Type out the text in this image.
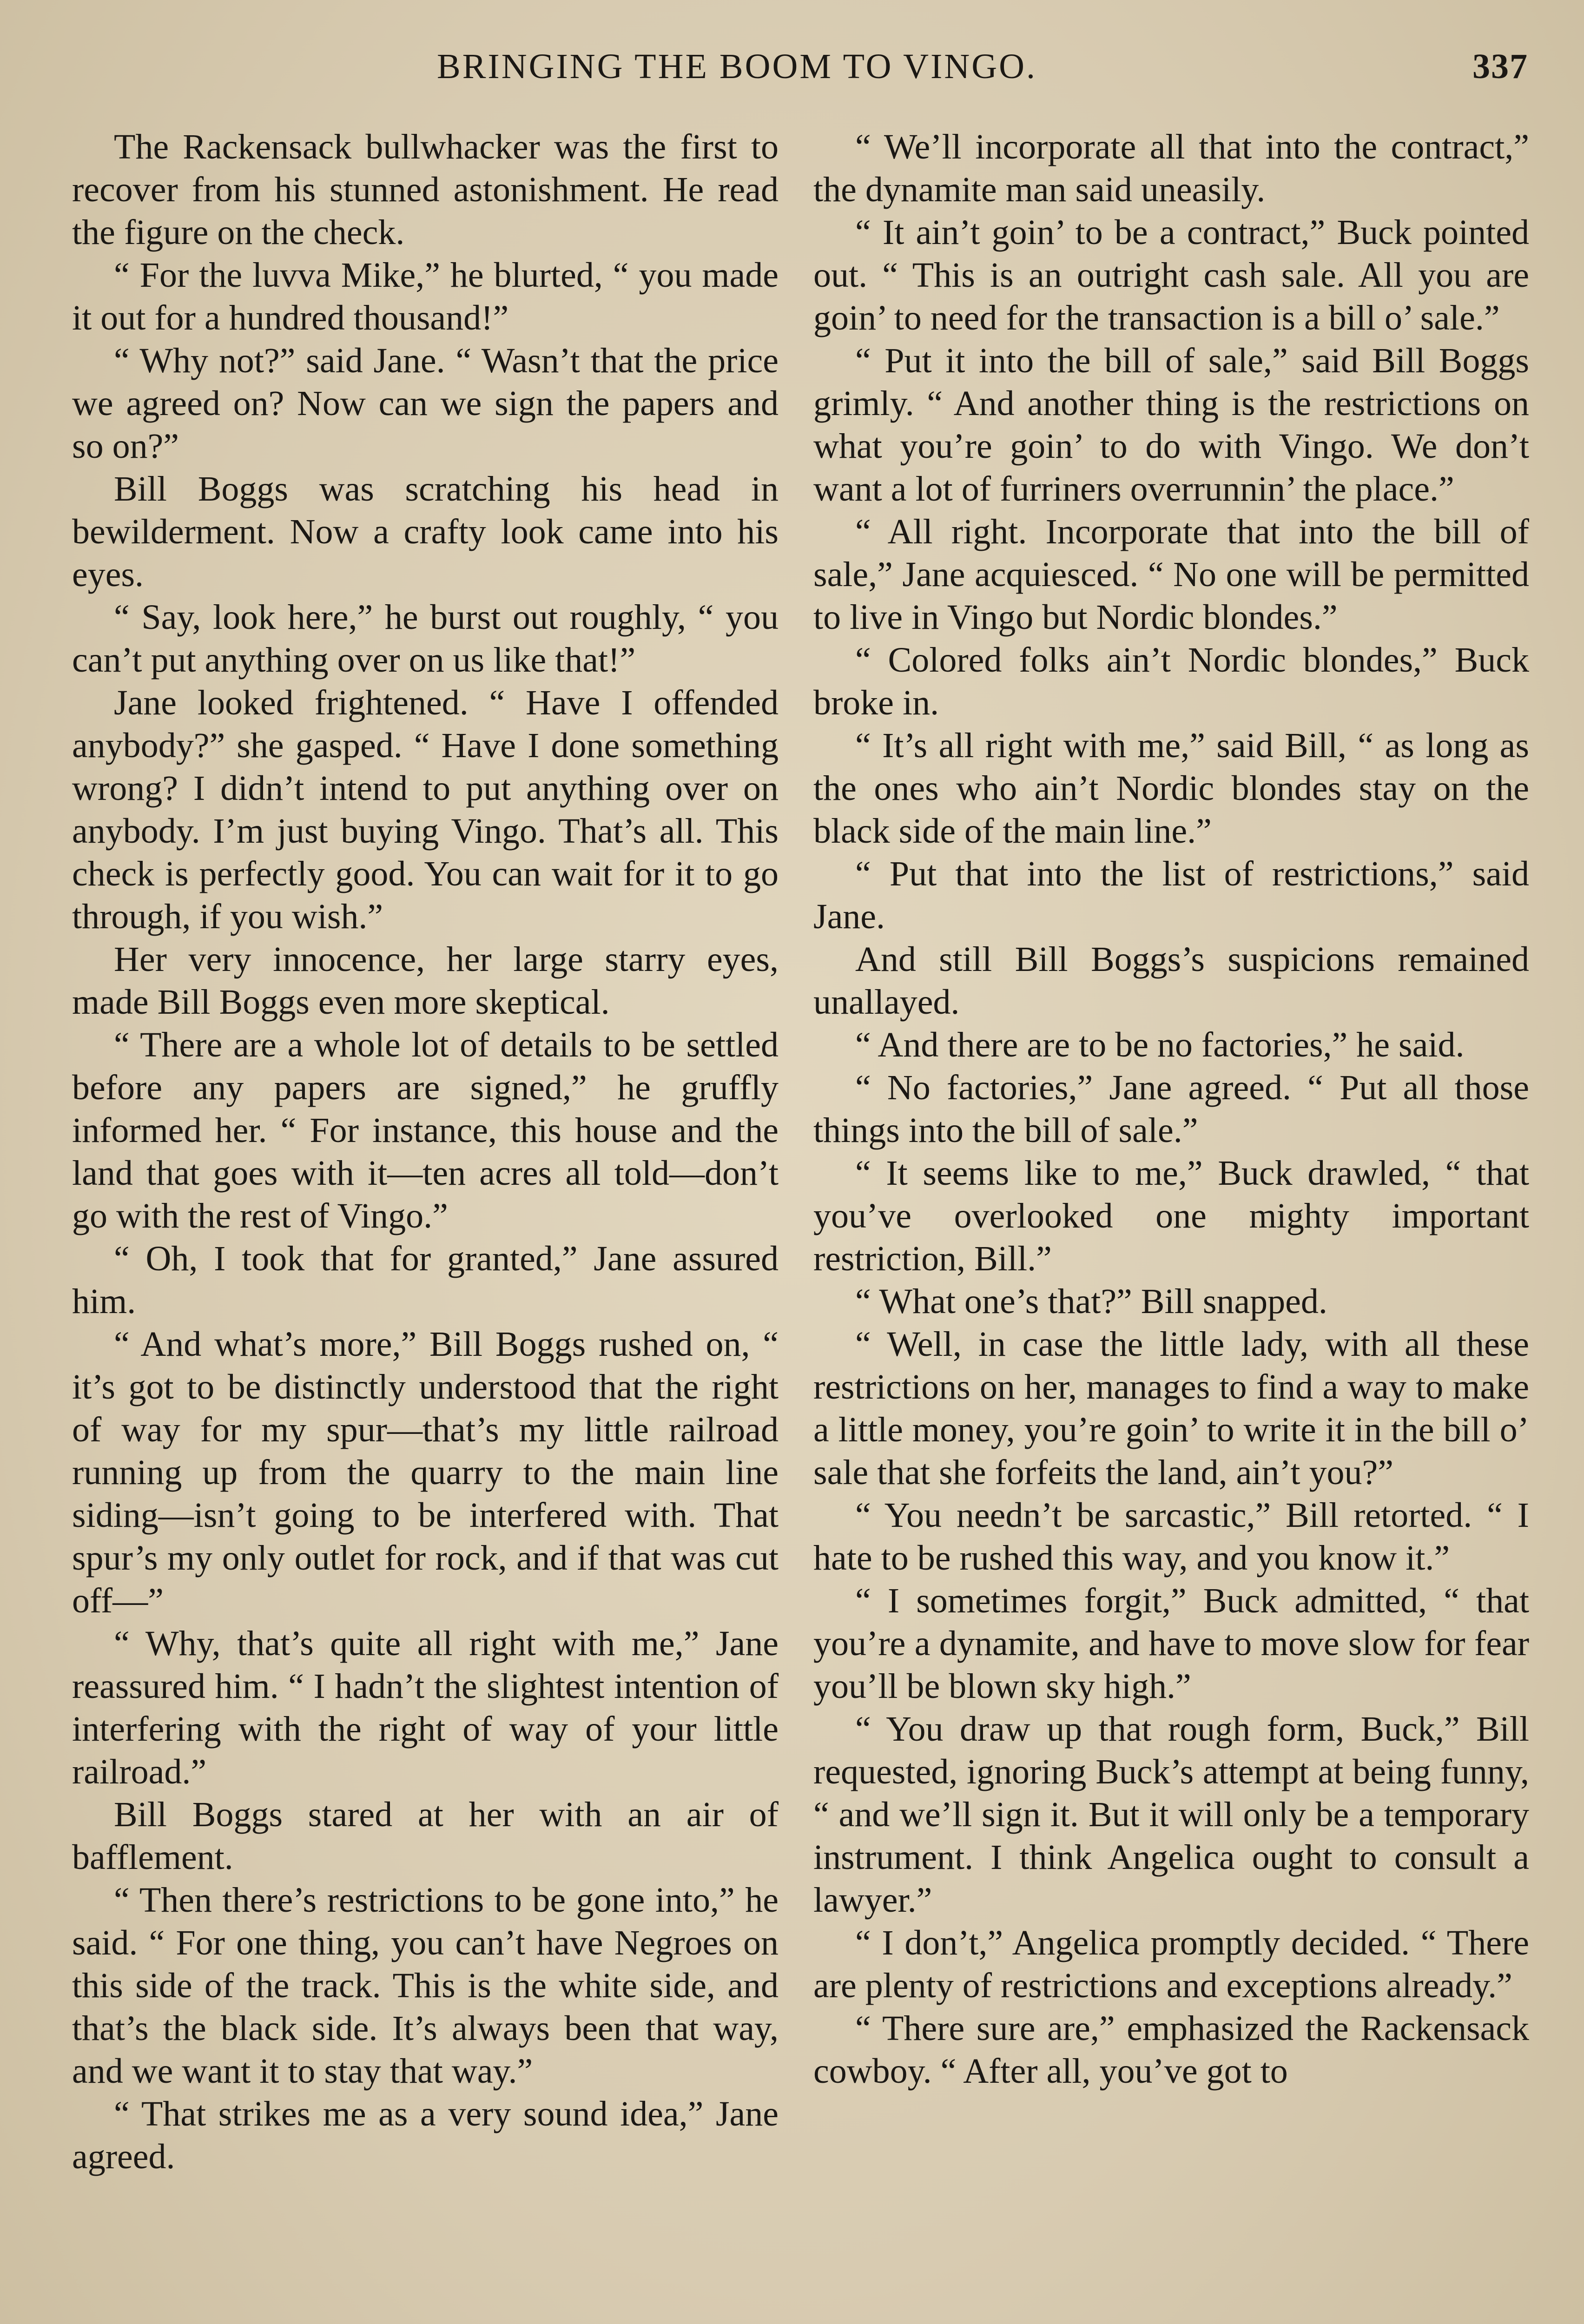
BRINGING THE BOOM TO VINGO.	337

The Rackensack bullwhacker was the first to recover from his stunned astonishment. He read the figure on the check.

“ For the luvva Mike,” he blurted, “ you made it out for a hundred thousand!”

“ Why not?” said Jane. “ Wasn’t that the price we agreed on? Now can we sign the papers and so on?”

Bill Boggs was scratching his head in bewilderment. Now a crafty look came into his eyes.

“ Say, look here,” he burst out roughly, “ you can’t put anything over on us like that!”

Jane looked frightened. “ Have I offended anybody?” she gasped. “ Have I done something wrong? I didn’t intend to put anything over on anybody. I’m just buying Vingo. That’s all. This check is perfectly good. You can wait for it to go through, if you wish.”

Her very innocence, her large starry eyes, made Bill Boggs even more skeptical.

“ There are a whole lot of details to be settled before any papers are signed,” he gruffly informed her. “ For instance, this house and the land that goes with it—ten acres all told—don’t go with the rest of Vingo.”

“ Oh, I took that for granted,” Jane assured him.

“ And what’s more,” Bill Boggs rushed on, “ it’s got to be distinctly understood that the right of way for my spur—that’s my little railroad running up from the quarry to the main line siding—isn’t going to be interfered with. That spur’s my only outlet for rock, and if that was cut off—”

“ Why, that’s quite all right with me,” Jane reassured him. “ I hadn’t the slightest intention of interfering with the right of way of your little railroad.”

Bill Boggs stared at her with an air of bafflement.

“ Then there’s restrictions to be gone into,” he said. “ For one thing, you can’t have Negroes on this side of the track. This is the white side, and that’s the black side. It’s always been that way, and we want it to stay that way.”

“ That strikes me as a very sound idea,” Jane agreed.

“ We’ll incorporate all that into the contract,” the dynamite man said uneasily.

“ It ain’t goin’ to be a contract,” Buck pointed out. “ This is an outright cash sale. All you are goin’ to need for the transaction is a bill o’ sale.”

“ Put it into the bill of sale,” said Bill Boggs grimly. “ And another thing is the restrictions on what you’re goin’ to do with Vingo. We don’t want a lot of furriners overrunnin’ the place.”

“ All right. Incorporate that into the bill of sale,” Jane acquiesced. “ No one will be permitted to live in Vingo but Nordic blondes.”

“ Colored folks ain’t Nordic blondes,” Buck broke in.

“ It’s all right with me,” said Bill, “ as long as the ones who ain’t Nordic blondes stay on the black side of the main line.”

“ Put that into the list of restrictions,” said Jane.

And still Bill Boggs’s suspicions remained unallayed.

“ And there are to be no factories,” he said.

“ No factories,” Jane agreed. “ Put all those things into the bill of sale.”

“ It seems like to me,” Buck drawled, “ that you’ve overlooked one mighty important restriction, Bill.”

“ What one’s that?” Bill snapped.

“ Well, in case the little lady, with all these restrictions on her, manages to find a way to make a little money, you’re goin’ to write it in the bill o’ sale that she forfeits the land, ain’t you?”

“ You needn’t be sarcastic,” Bill retorted. “ I hate to be rushed this way, and you know it.”

“ I sometimes forgit,” Buck admitted, “ that you’re a dynamite, and have to move slow for fear you’ll be blown sky high.”

“ You draw up that rough form, Buck,” Bill requested, ignoring Buck’s attempt at being funny, “ and we’ll sign it. But it will only be a temporary instrument. I think Angelica ought to consult a lawyer.”

“ I don’t,” Angelica promptly decided. “ There are plenty of restrictions and exceptions already.”

“ There sure are,” emphasized the Rackensack cowboy. “ After all, you’ve got to
